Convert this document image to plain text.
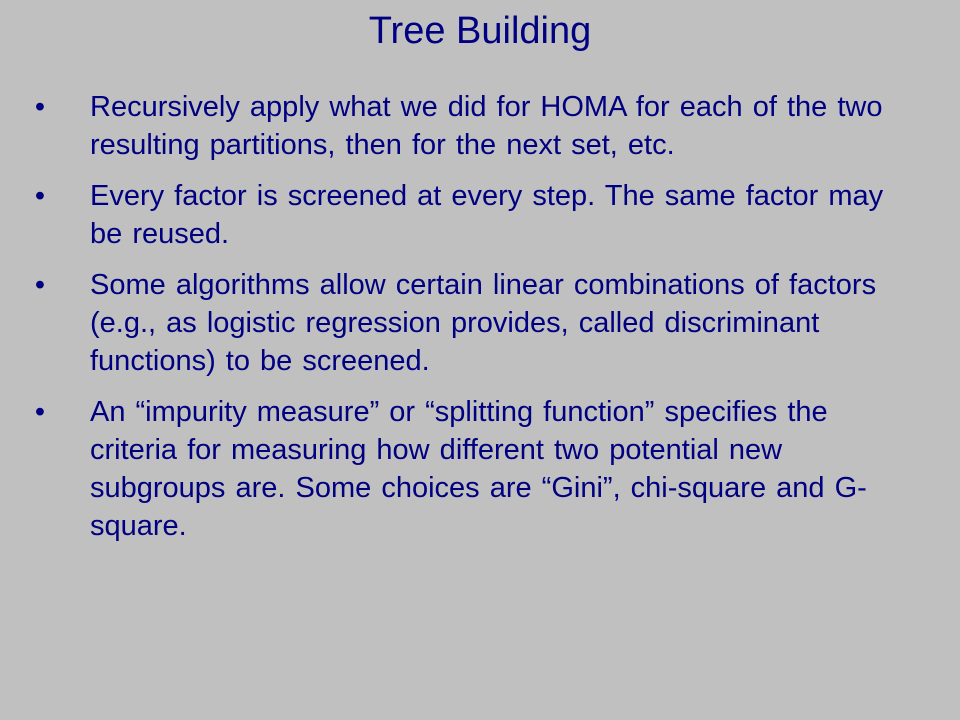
Tree Building
• Recursively apply what we did for HOMA for each of the two resulting partitions, then for the next set, etc.
• Every factor is screened at every step. The same factor may be reused.
• Some algorithms allow certain linear combinations of factors (e.g., as logistic regression provides, called discriminant functions) to be screened.
• An “impurity measure” or “splitting function” specifies the criteria for measuring how different two potential new subgroups are. Some choices are “Gini”, chi-square and G-square.
